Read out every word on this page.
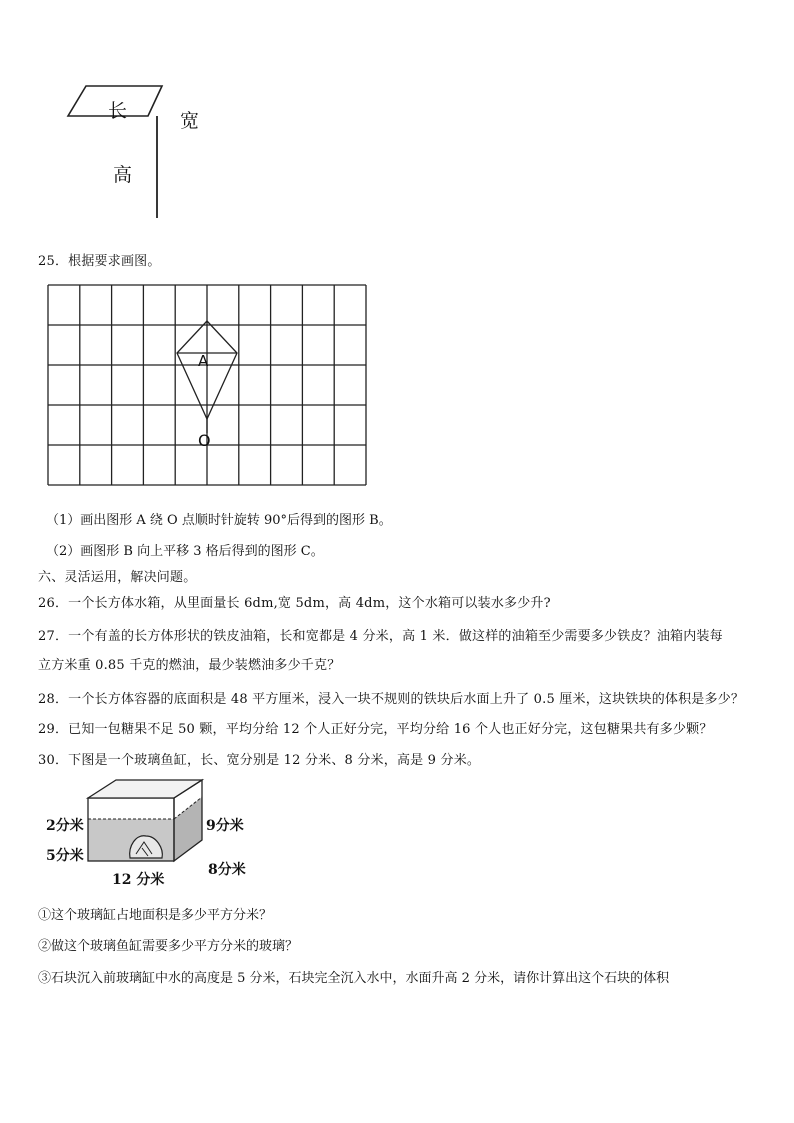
长	宽
高
25．根据要求画图。
A
O
（1）画出图形 A 绕 O 点顺时针旋转 90°后得到的图形 B。
（2）画图形 B 向上平移 3 格后得到的图形 C。
六、灵活运用，解决问题。
26．一个长方体水箱，从里面量长 6dm,宽 5dm，高 4dm，这个水箱可以装水多少升?
27．一个有盖的长方体形状的铁皮油箱，长和宽都是 4 分米，高 1 米．做这样的油箱至少需要多少铁皮？油箱内装每
立方米重 0.85 千克的燃油，最少装燃油多少千克？
28．一个长方体容器的底面积是 48 平方厘米，浸入一块不规则的铁块后水面上升了 0.5 厘米，这块铁块的体积是多少？
29．已知一包糖果不足 50 颗，平均分给 12 个人正好分完，平均分给 16 个人也正好分完，这包糖果共有多少颗？
30．下图是一个玻璃鱼缸，长、宽分别是 12 分米、8 分米，高是 9 分米。
2分米
5分米
9分米
8分米
12 分米
①这个玻璃缸占地面积是多少平方分米？
②做这个玻璃鱼缸需要多少平方分米的玻璃？
③石块沉入前玻璃缸中水的高度是 5 分米，石块完全沉入水中，水面升高 2 分米，请你计算出这个石块的体积
